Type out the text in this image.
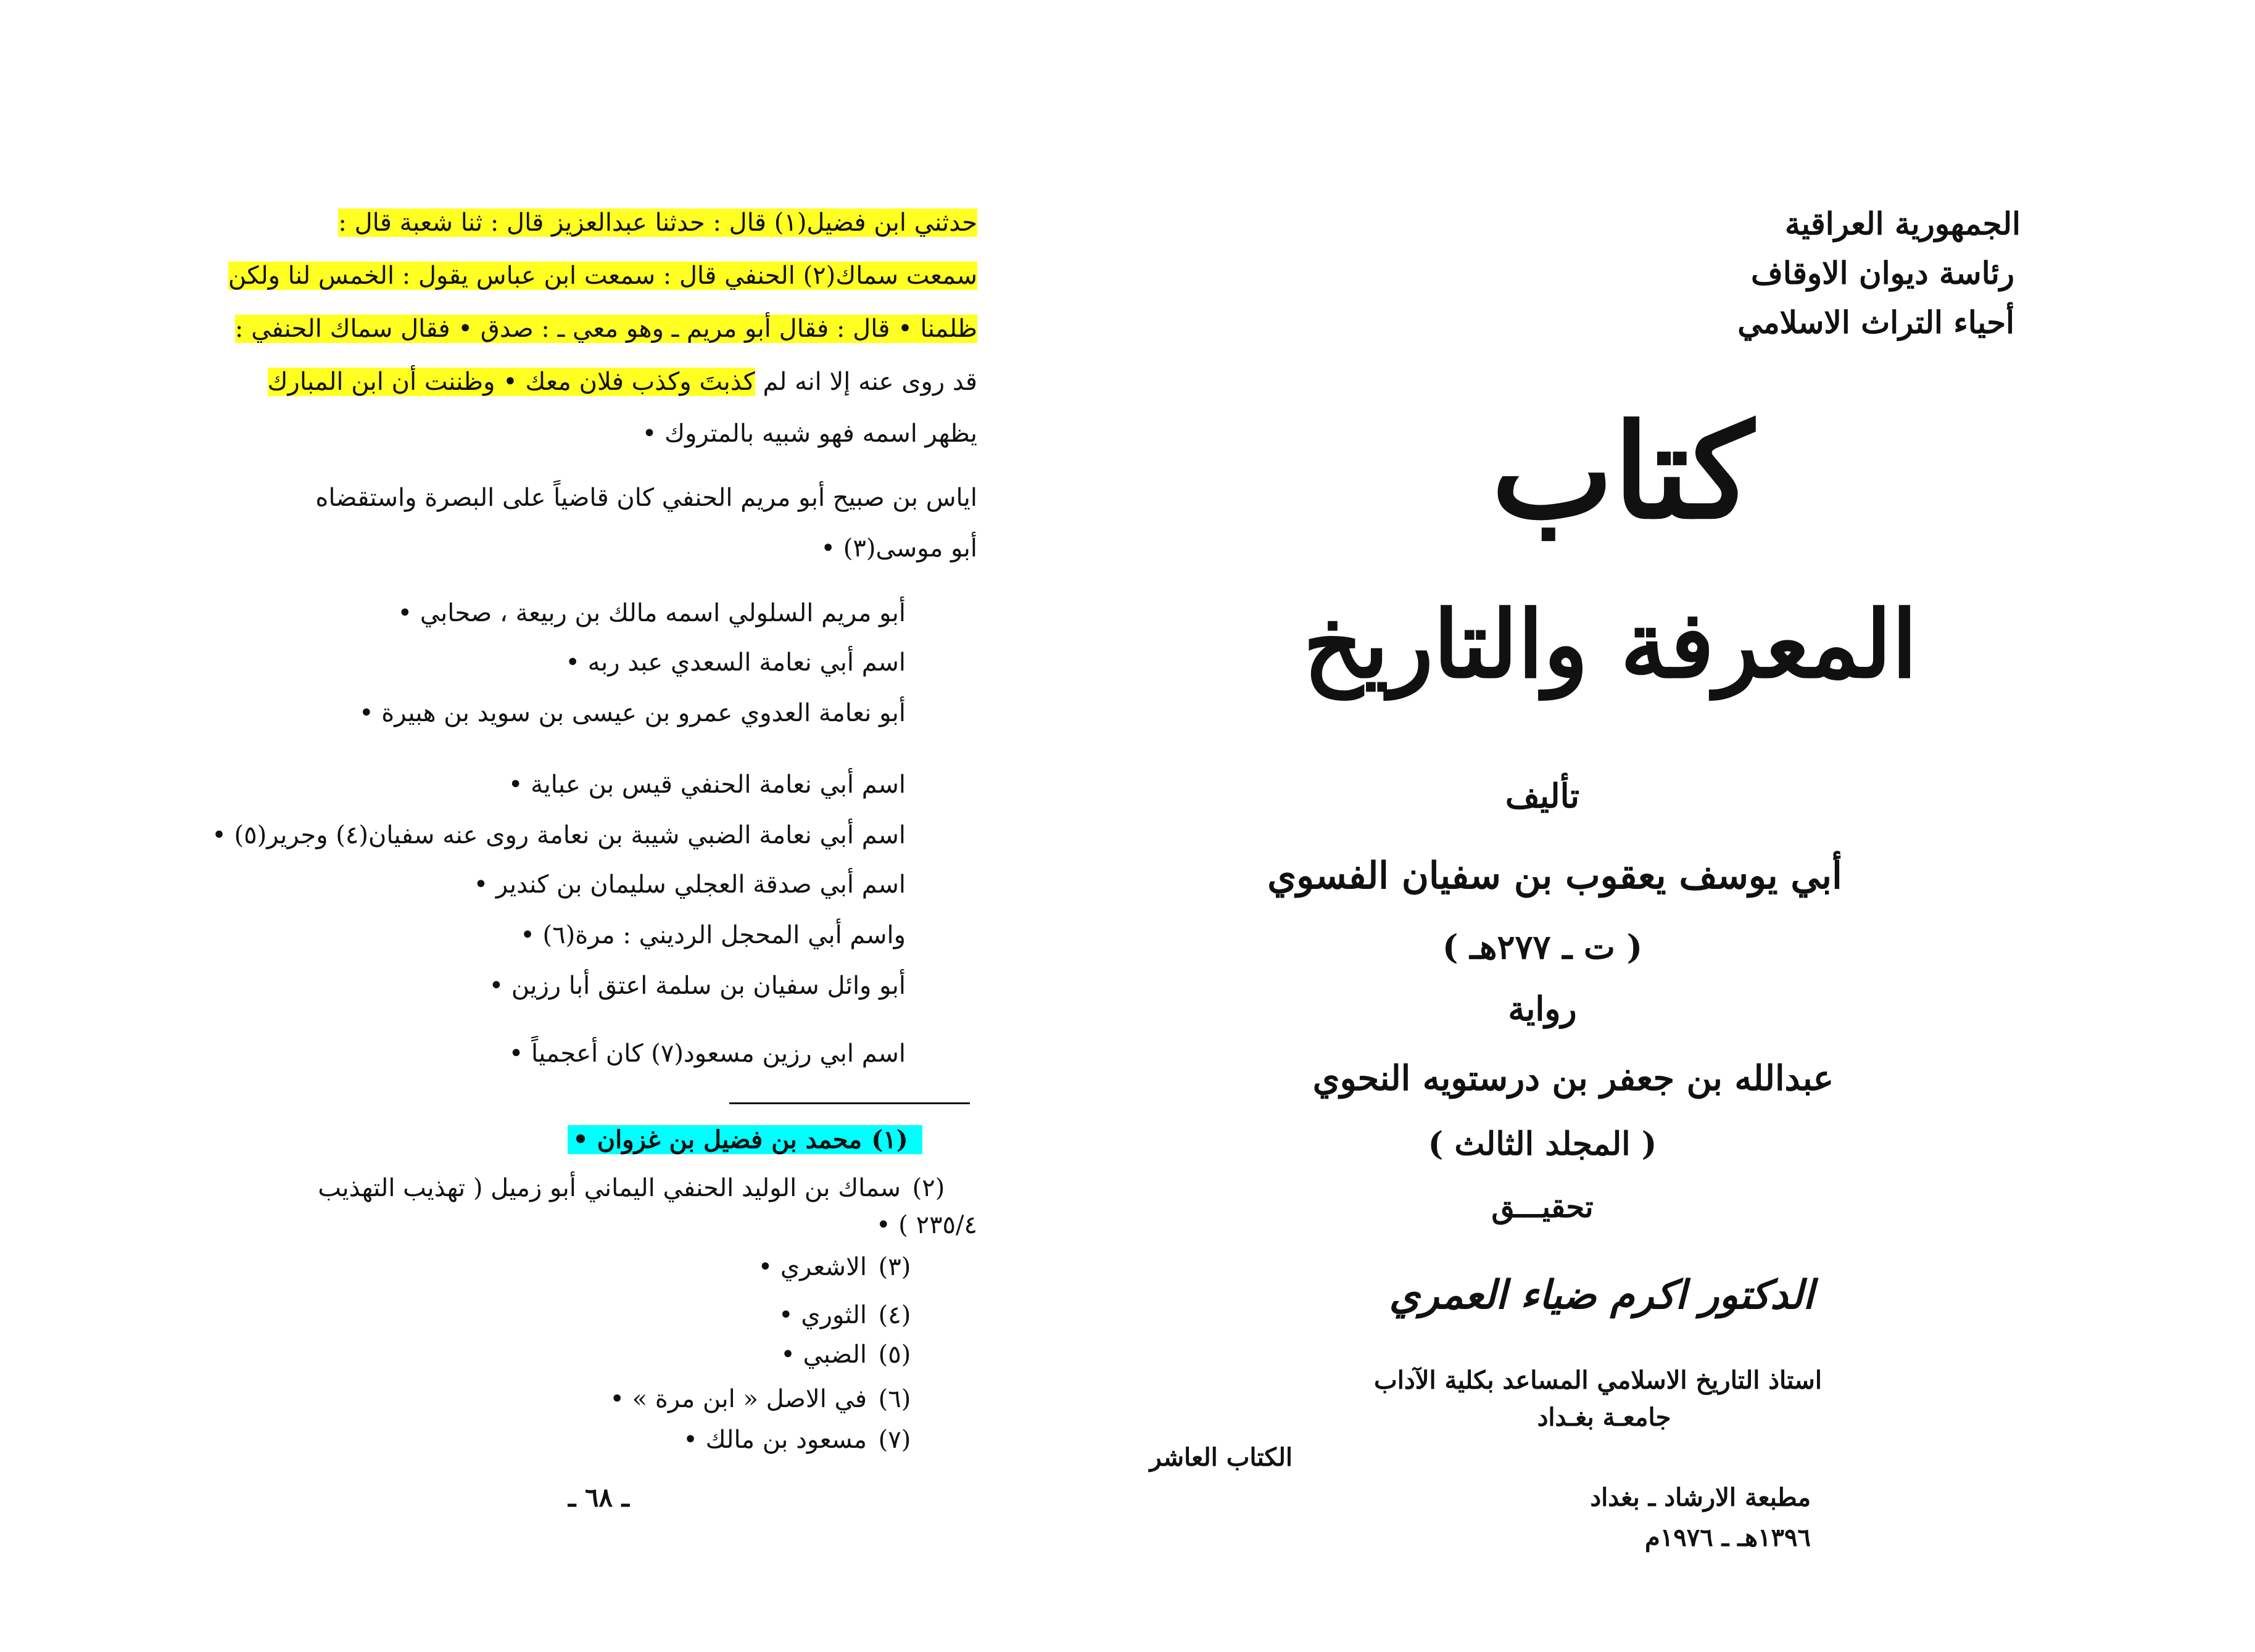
حدثني ابن فضيل(١) قال : حدثنا عبدالعزيز قال : ثنا شعبة قال :
سمعت سماك(٢) الحنفي قال : سمعت ابن عباس يقول : الخمس لنا ولكن
ظلمنا • قال : فقال أبو مريم ـ وهو معي ـ : صدق • فقال سماك الحنفي :
قد روى عنه إلا انه لم كذبتَ وكذب فلان معك • وظننت أن ابن المبارك
يظهر اسمه فهو شبيه بالمتروك •
اياس بن صبيح أبو مريم الحنفي كان قاضياً على البصرة واستقضاه
أبو موسى(٣) •
أبو مريم السلولي اسمه مالك بن ربيعة ، صحابي •
اسم أبي نعامة السعدي عبد ربه •
أبو نعامة العدوي عمرو بن عيسى بن سويد بن هبيرة •
اسم أبي نعامة الحنفي قيس بن عباية •
اسم أبي نعامة الضبي شيبة بن نعامة روى عنه سفيان(٤) وجرير(٥) •
اسم أبي صدقة العجلي سليمان بن كندير •
واسم أبي المحجل الرديني : مرة(٦) •
أبو وائل سفيان بن سلمة اعتق أبا رزين •
اسم ابي رزين مسعود(٧) كان أعجمياً •
(١)محمد بن فضيل بن غزوان •
(٢)سماك بن الوليد الحنفي اليماني أبو زميل ( تهذيب التهذيب
٢٣٥/٤ ) •
(٣)الاشعري •
(٤)الثوري •
(٥)الضبي •
(٦)في الاصل « ابن مرة » •
(٧)مسعود بن مالك •
ـ ٦٨ ـ
الجمهورية العراقية
رئاسة ديوان الاوقاف
أحياء التراث الاسلامي
كتاب
المعرفة والتاريخ
تأليف
أبي يوسف يعقوب بن سفيان الفسوي
( ت ـ ٢٧٧هـ )
رواية
عبدالله بن جعفر بن درستويه النحوي
( المجلد الثالث )
تحقيـــق
الدكتور اكرم ضياء العمري
استاذ التاريخ الاسلامي المساعد بكلية الآداب
جامعـة بغـداد
الكتاب العاشر
مطبعة الارشاد ـ بغداد
١٣٩٦هـ ـ ١٩٧٦م
